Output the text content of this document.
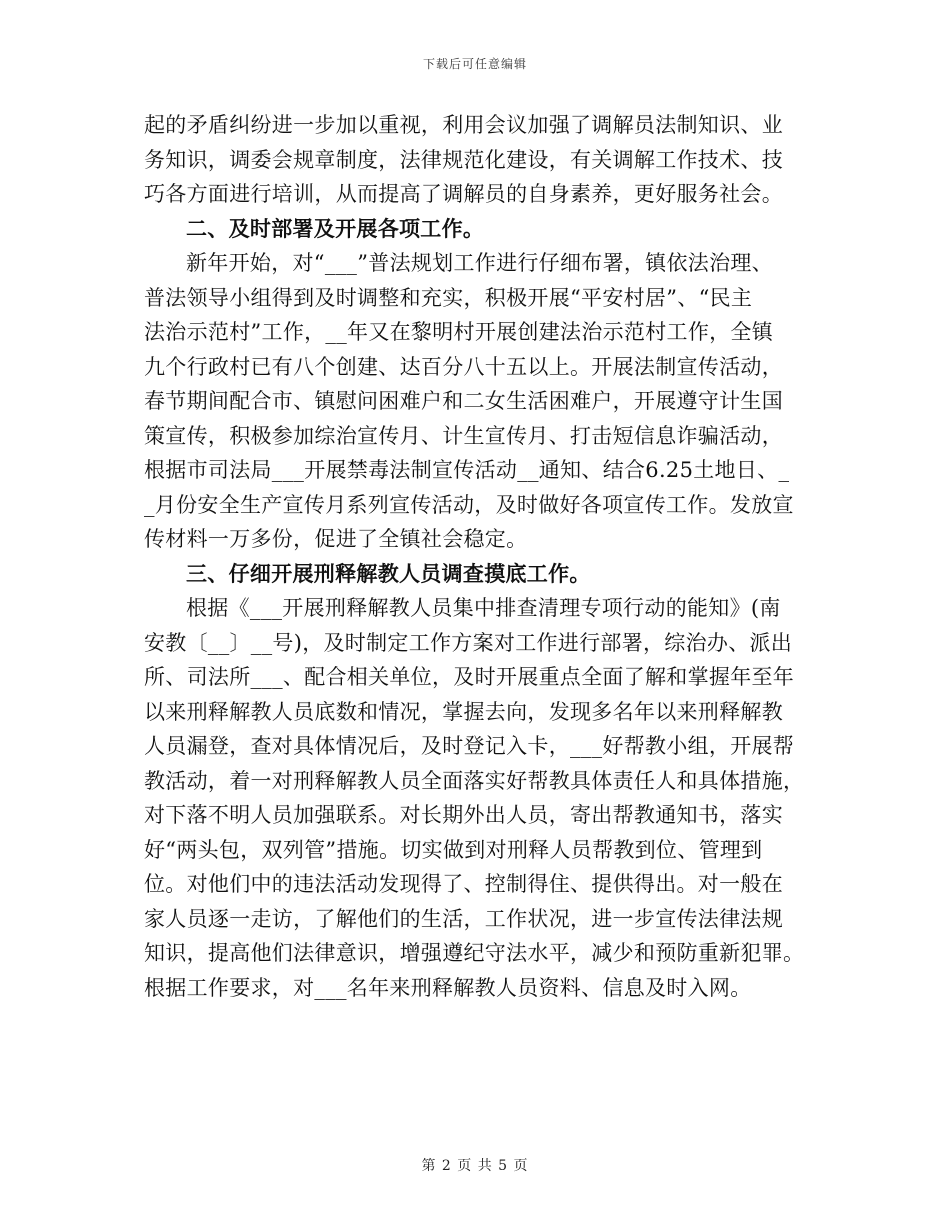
下载后可任意编辑
起的矛盾纠纷进一步加以重视，利用会议加强了调解员法制知识、业
务知识，调委会规章制度，法律规范化建设，有关调解工作技术、技
巧各方面进行培训，从而提高了调解员的自身素养，更好服务社会。
二、及时部署及开展各项工作。
新年开始，对“___”普法规划工作进行仔细布署，镇依法治理、
普法领导小组得到及时调整和充实，积极开展“平安村居”、“民主
法治示范村”工作，__年又在黎明村开展创建法治示范村工作，全镇
九个行政村已有八个创建、达百分八十五以上。开展法制宣传活动，
春节期间配合市、镇慰问困难户和二女生活困难户，开展遵守计生国
策宣传，积极参加综治宣传月、计生宣传月、打击短信息诈骗活动，
根据市司法局___开展禁毒法制宣传活动__通知、结合6.25土地日、_
_月份安全生产宣传月系列宣传活动，及时做好各项宣传工作。发放宣
传材料一万多份，促进了全镇社会稳定。
三、仔细开展刑释解教人员调查摸底工作。
根据《___开展刑释解教人员集中排查清理专项行动的能知》(南
安教〔__〕__号)，及时制定工作方案对工作进行部署，综治办、派出
所、司法所___、配合相关单位，及时开展重点全面了解和掌握年至年
以来刑释解教人员底数和情况，掌握去向，发现多名年以来刑释解教
人员漏登，查对具体情况后，及时登记入卡，___好帮教小组，开展帮
教活动，着一对刑释解教人员全面落实好帮教具体责任人和具体措施，
对下落不明人员加强联系。对长期外出人员，寄出帮教通知书，落实
好“两头包，双列管”措施。切实做到对刑释人员帮教到位、管理到
位。对他们中的违法活动发现得了、控制得住、提供得出。对一般在
家人员逐一走访，了解他们的生活，工作状况，进一步宣传法律法规
知识，提高他们法律意识，增强遵纪守法水平，减少和预防重新犯罪。
根据工作要求，对___名年来刑释解教人员资料、信息及时入网。
第 2 页 共 5 页
